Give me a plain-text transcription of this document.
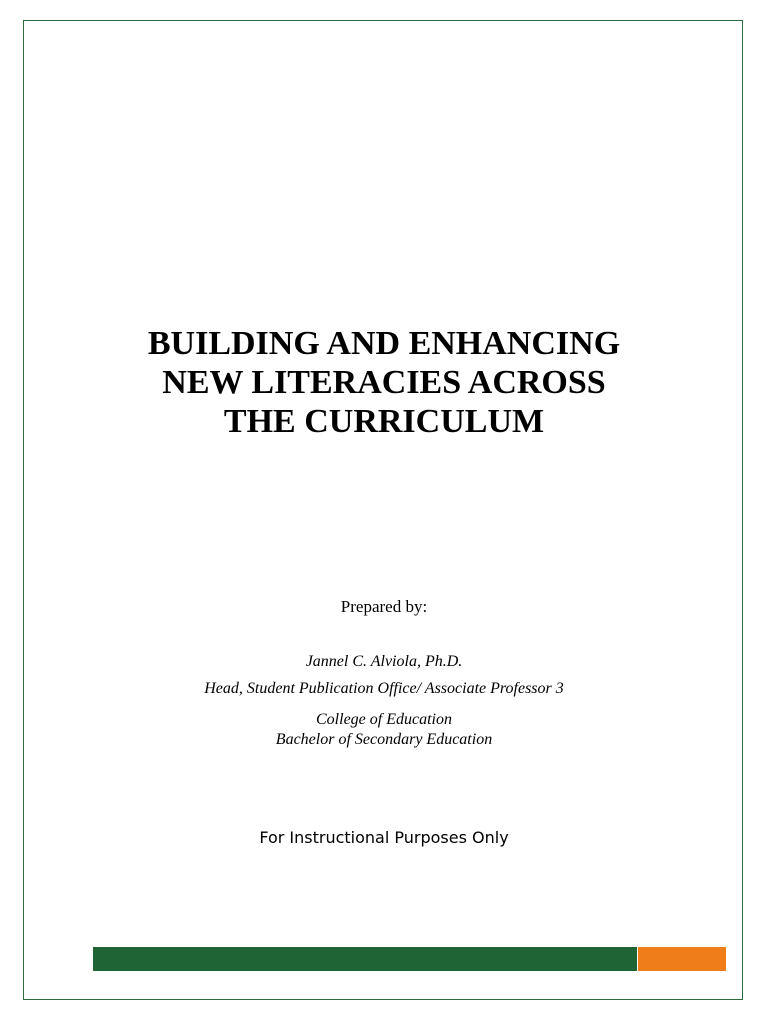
BUILDING AND ENHANCING
NEW LITERACIES ACROSS
THE CURRICULUM
Prepared by:
Jannel C. Alviola, Ph.D.
Head, Student Publication Office/ Associate Professor 3
College of Education
Bachelor of Secondary Education
For Instructional Purposes Only
